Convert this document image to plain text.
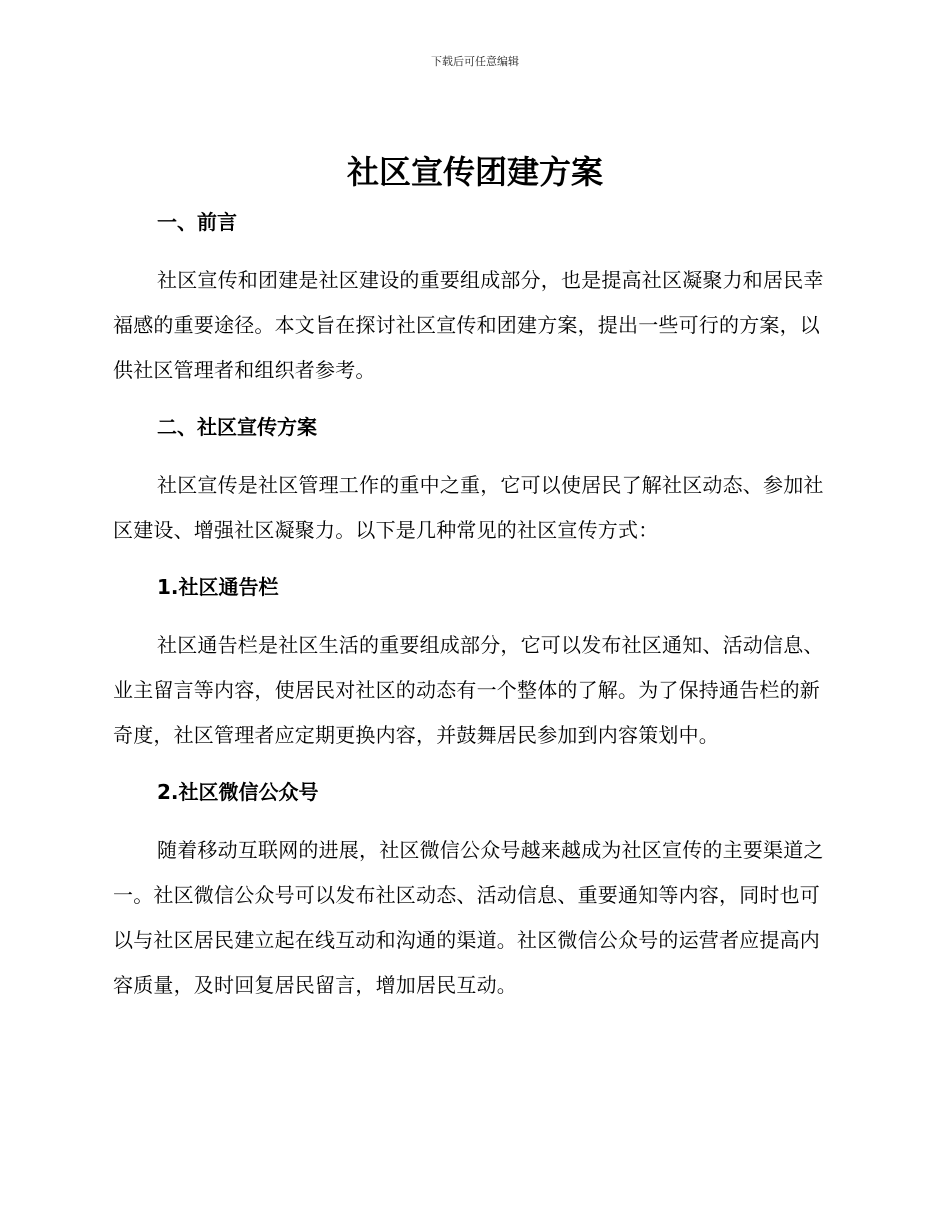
下载后可任意编辑
社区宣传团建方案
一、前言

社区宣传和团建是社区建设的重要组成部分，也是提高社区凝聚力和居民幸福感的重要途径。本文旨在探讨社区宣传和团建方案，提出一些可行的方案，以供社区管理者和组织者参考。

二、社区宣传方案

社区宣传是社区管理工作的重中之重，它可以使居民了解社区动态、参加社区建设、增强社区凝聚力。以下是几种常见的社区宣传方式：

1.社区通告栏

社区通告栏是社区生活的重要组成部分，它可以发布社区通知、活动信息、业主留言等内容，使居民对社区的动态有一个整体的了解。为了保持通告栏的新奇度，社区管理者应定期更换内容，并鼓舞居民参加到内容策划中。

2.社区微信公众号

随着移动互联网的进展，社区微信公众号越来越成为社区宣传的主要渠道之一。社区微信公众号可以发布社区动态、活动信息、重要通知等内容，同时也可以与社区居民建立起在线互动和沟通的渠道。社区微信公众号的运营者应提高内容质量，及时回复居民留言，增加居民互动。
